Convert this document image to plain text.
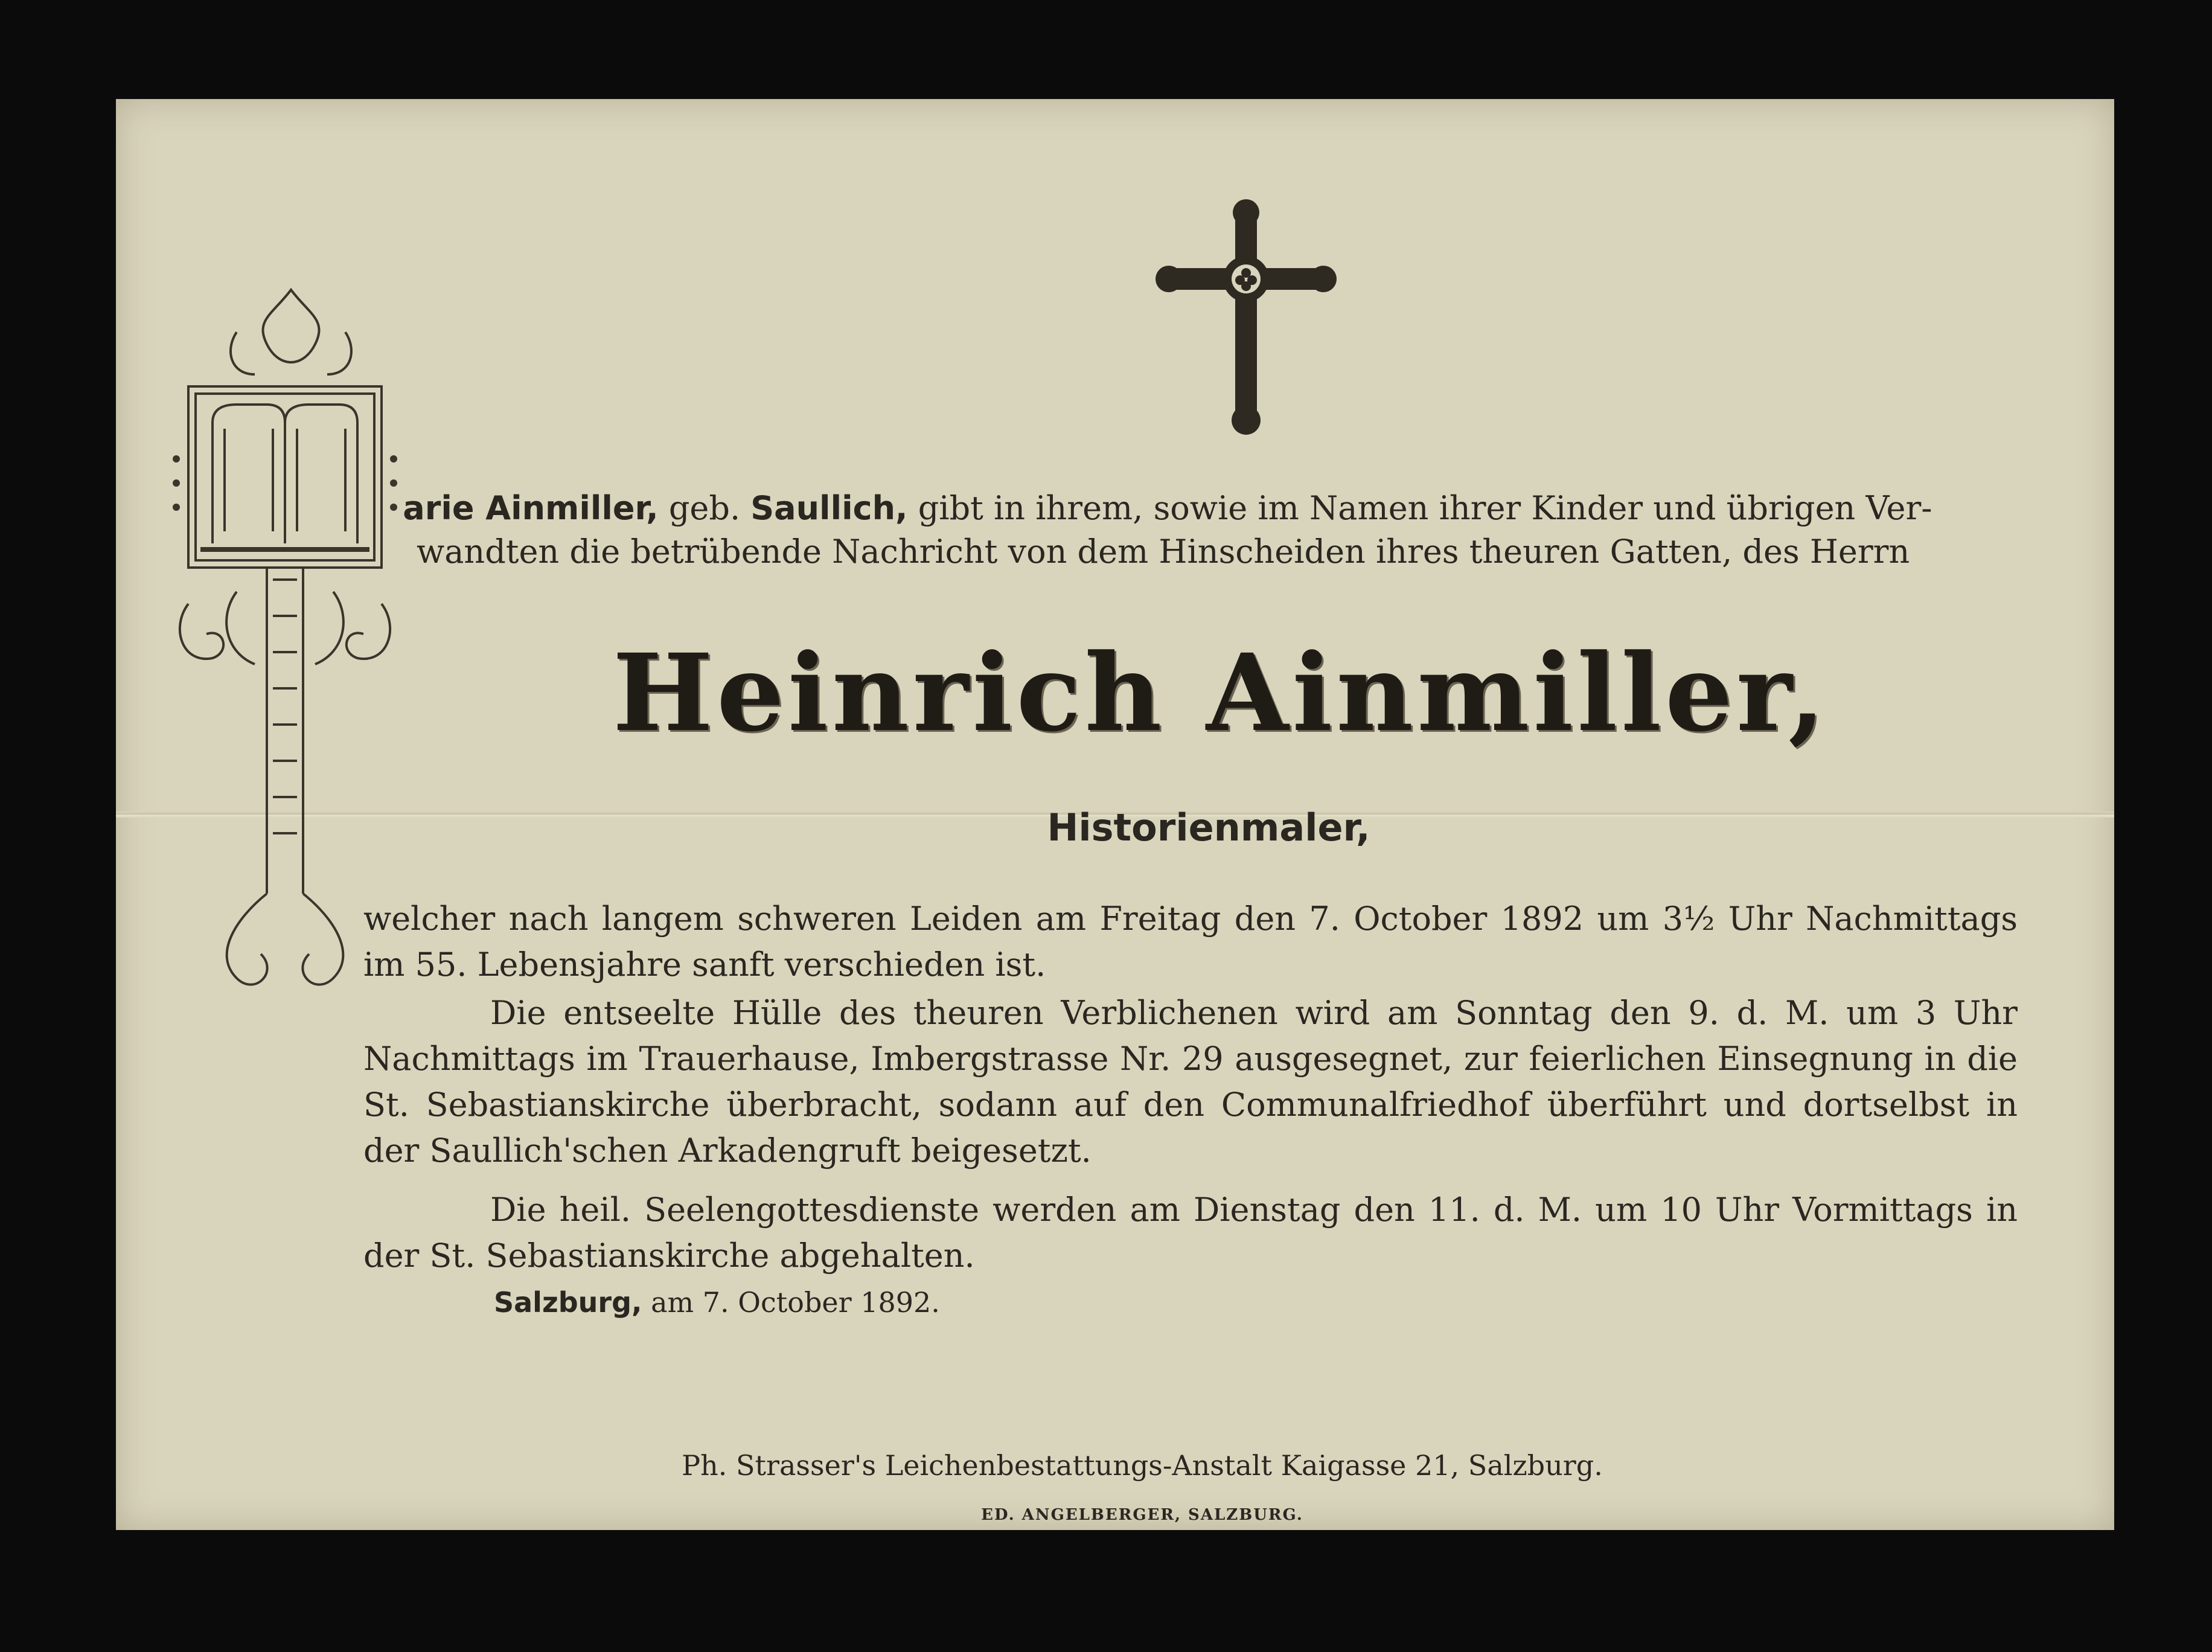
arie Ainmiller, geb. Saullich, gibt in ihrem, sowie im Namen ihrer Kinder und übrigen Ver-
wandten die betrübende Nachricht von dem Hinscheiden ihres theuren Gatten, des Herrn
Heinrich Ainmiller,
Historienmaler,
welcher nach langem schweren Leiden am Freitag den 7. October 1892 um 3½ Uhr Nachmittags im 55. Lebensjahre sanft verschieden ist.
Die entseelte Hülle des theuren Verblichenen wird am Sonntag den 9. d. M. um 3 Uhr Nachmittags im Trauerhause, Imbergstrasse Nr. 29 ausgesegnet, zur feierlichen Einsegnung in die St. Sebastianskirche überbracht, sodann auf den Communalfriedhof überführt und dortselbst in der Saullich'schen Arkadengruft beigesetzt.
Die heil. Seelengottesdienste werden am Dienstag den 11. d. M. um 10 Uhr Vormittags in der St. Sebastianskirche abgehalten.
Salzburg, am 7. October 1892.
Ph. Strasser's Leichenbestattungs-Anstalt Kaigasse 21, Salzburg.
ED. ANGELBERGER, SALZBURG.
